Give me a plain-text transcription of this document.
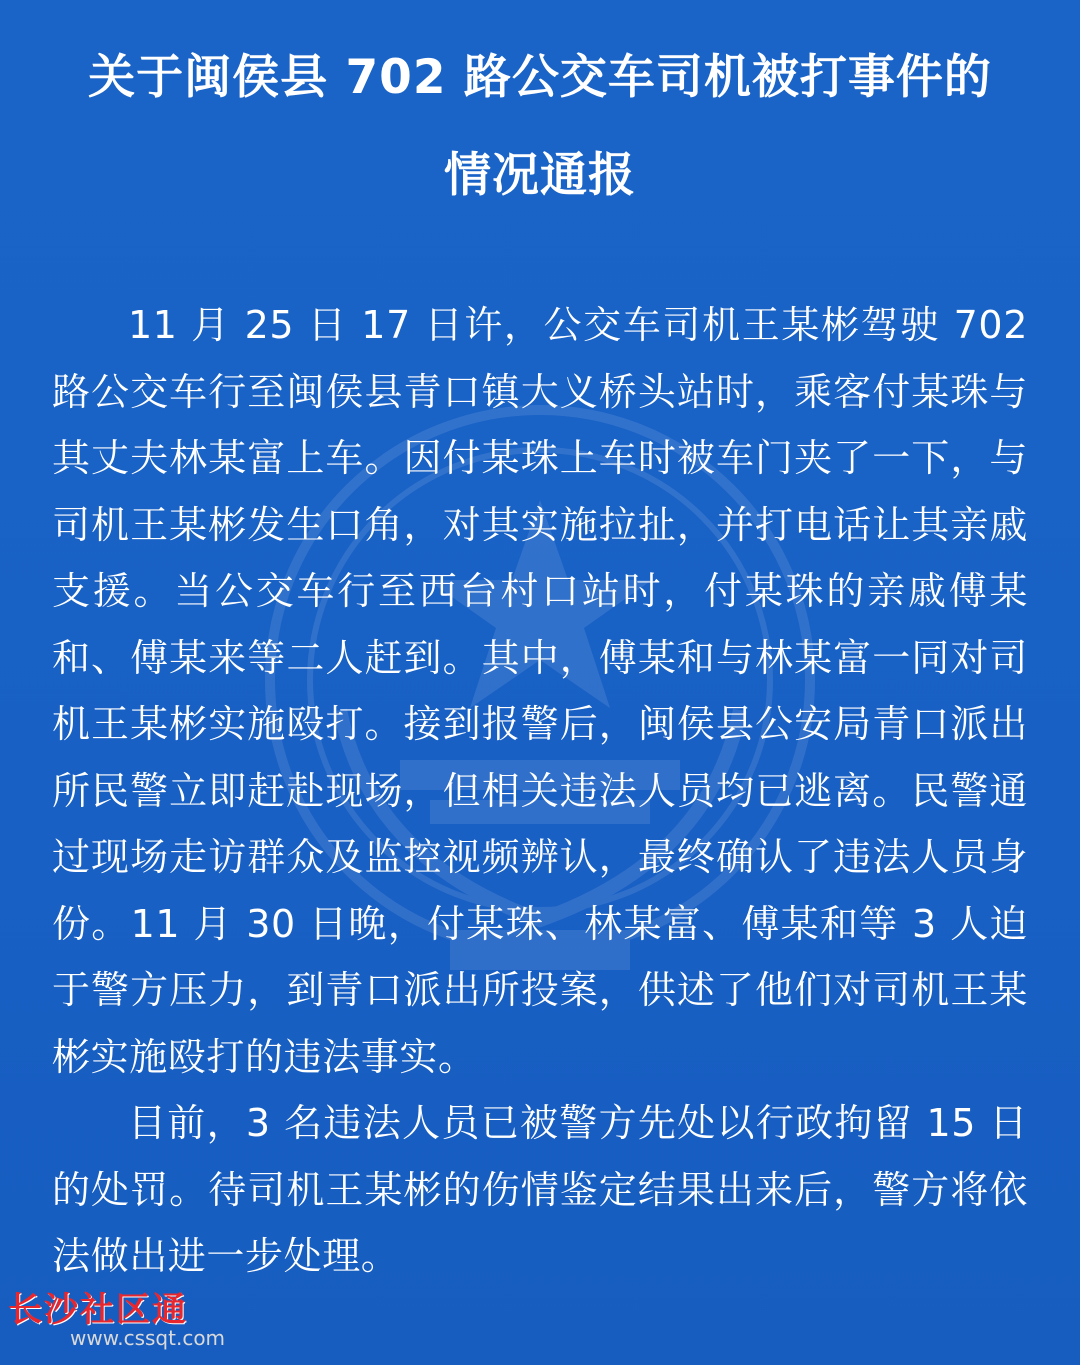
关于闽侯县 702 路公交车司机被打事件的
情况通报

11 月 25 日 17 日许，公交车司机王某彬驾驶 702 路公交车行至闽侯县青口镇大义桥头站时，乘客付某珠与其丈夫林某富上车。因付某珠上车时被车门夹了一下，与司机王某彬发生口角，对其实施拉扯，并打电话让其亲戚支援。当公交车行至西台村口站时，付某珠的亲戚傅某和、傅某来等二人赶到。其中，傅某和与林某富一同对司机王某彬实施殴打。接到报警后，闽侯县公安局青口派出所民警立即赶赴现场，但相关违法人员均已逃离。民警通过现场走访群众及监控视频辨认，最终确认了违法人员身份。11 月 30 日晚，付某珠、林某富、傅某和等 3 人迫于警方压力，到青口派出所投案，供述了他们对司机王某彬实施殴打的违法事实。

目前，3 名违法人员已被警方先处以行政拘留 15 日的处罚。待司机王某彬的伤情鉴定结果出来后，警方将依法做出进一步处理。

长沙社区通
www.cssqt.com
